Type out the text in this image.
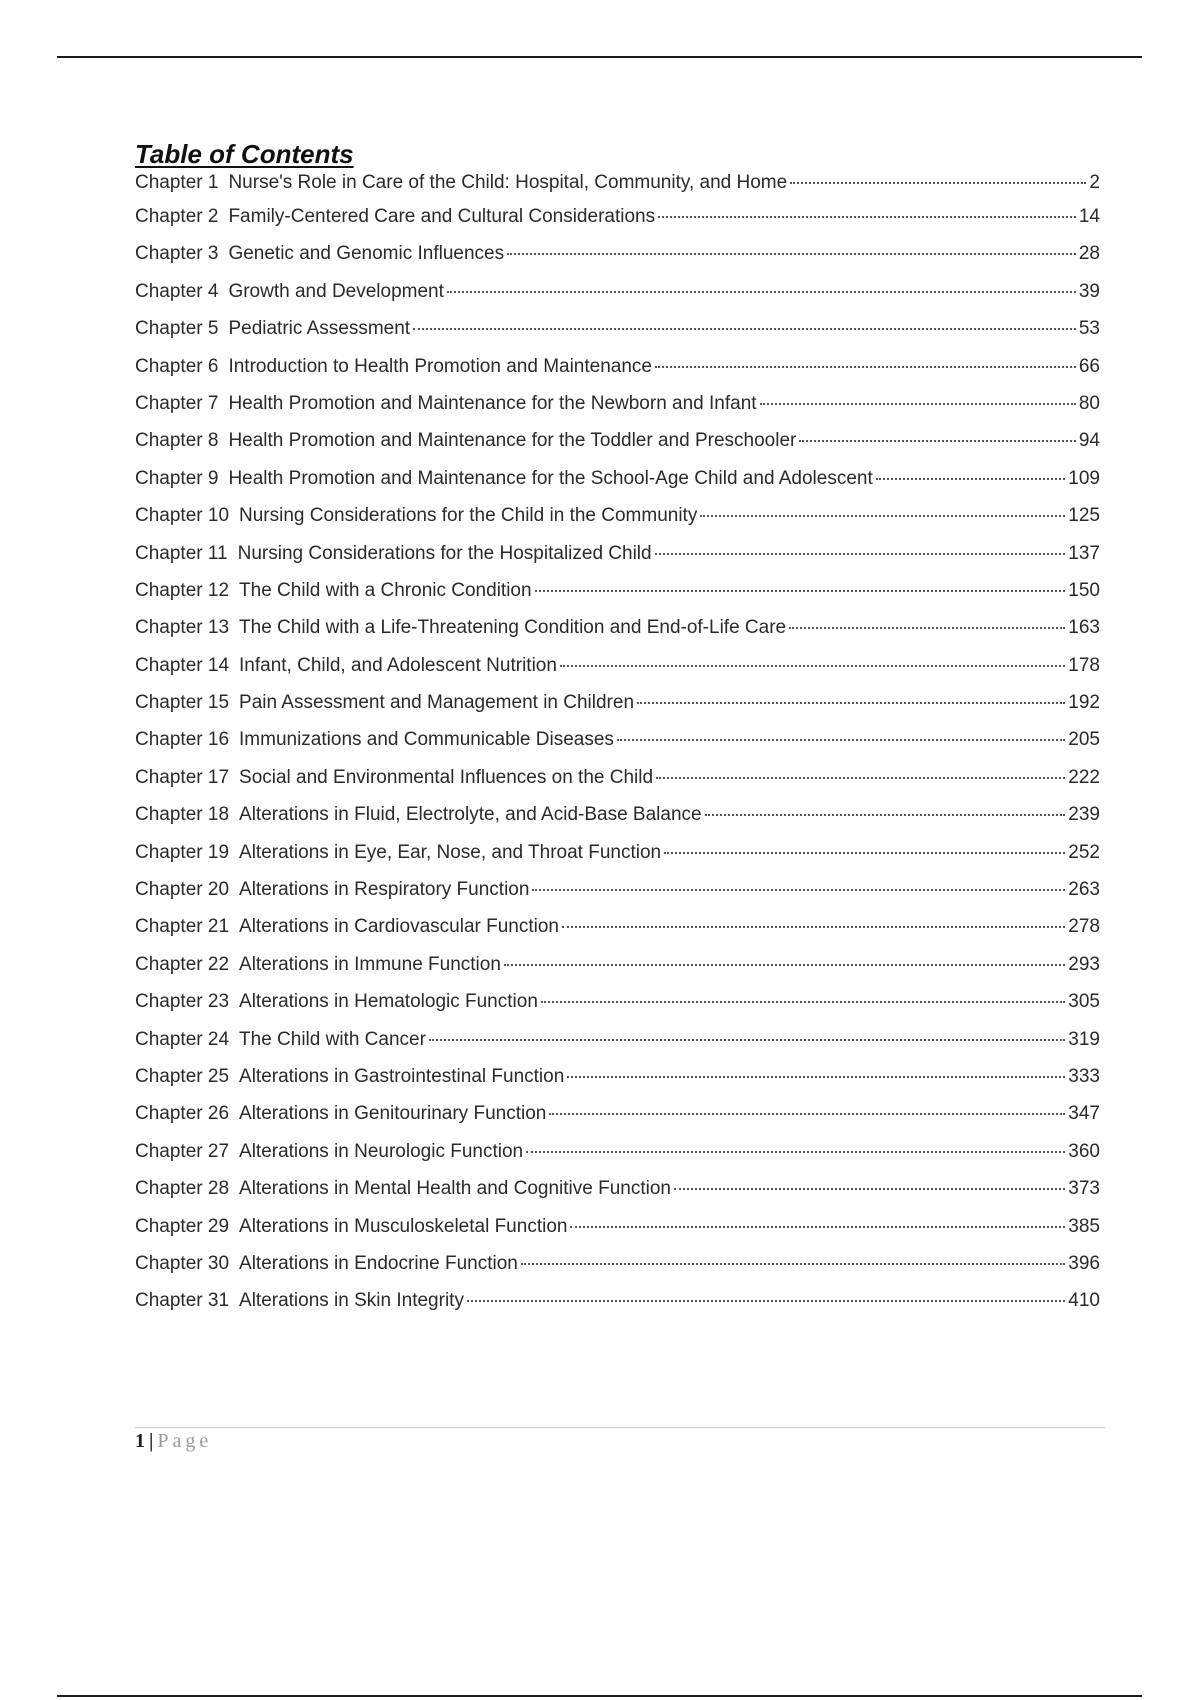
Table of Contents
Chapter 1 Nurse's Role in Care of the Child: Hospital, Community, and Home	2
Chapter 2 Family-Centered Care and Cultural Considerations	14
Chapter 3 Genetic and Genomic Influences	28
Chapter 4 Growth and Development	39
Chapter 5 Pediatric Assessment	53
Chapter 6 Introduction to Health Promotion and Maintenance	66
Chapter 7 Health Promotion and Maintenance for the Newborn and Infant	80
Chapter 8 Health Promotion and Maintenance for the Toddler and Preschooler	94
Chapter 9 Health Promotion and Maintenance for the School-Age Child and Adolescent	109
Chapter 10 Nursing Considerations for the Child in the Community	125
Chapter 11 Nursing Considerations for the Hospitalized Child	137
Chapter 12 The Child with a Chronic Condition	150
Chapter 13 The Child with a Life-Threatening Condition and End-of-Life Care	163
Chapter 14 Infant, Child, and Adolescent Nutrition	178
Chapter 15 Pain Assessment and Management in Children	192
Chapter 16 Immunizations and Communicable Diseases	205
Chapter 17 Social and Environmental Influences on the Child	222
Chapter 18 Alterations in Fluid, Electrolyte, and Acid-Base Balance	239
Chapter 19 Alterations in Eye, Ear, Nose, and Throat Function	252
Chapter 20 Alterations in Respiratory Function	263
Chapter 21 Alterations in Cardiovascular Function	278
Chapter 22 Alterations in Immune Function	293
Chapter 23 Alterations in Hematologic Function	305
Chapter 24 The Child with Cancer	319
Chapter 25 Alterations in Gastrointestinal Function	333
Chapter 26 Alterations in Genitourinary Function	347
Chapter 27 Alterations in Neurologic Function	360
Chapter 28 Alterations in Mental Health and Cognitive Function	373
Chapter 29 Alterations in Musculoskeletal Function	385
Chapter 30 Alterations in Endocrine Function	396
Chapter 31 Alterations in Skin Integrity	410
1 | Page
